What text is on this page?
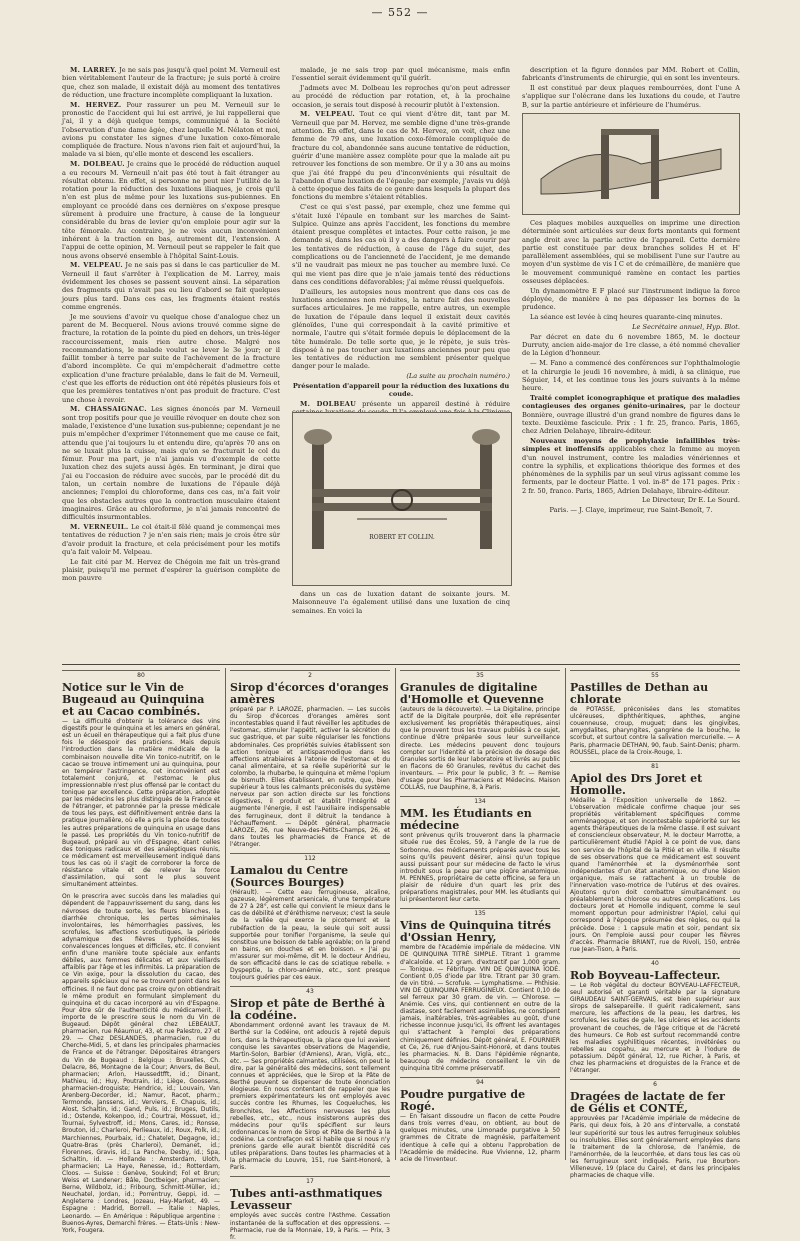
— 552 —

M. LARREY. Je ne sais pas jusqu'à quel point M. Verneuil est bien véritablement l'auteur de la fracture; je suis porté à croire que, chez son malade, il existait déjà au moment des tentatives de réduction, une fracture incomplète compliquant la luxation.

M. HERVEZ. Pour rassurer un peu M. Verneuil sur le pronostic de l'accident qui lui est arrivé, je lui rappellerai que j'ai, il y a déjà quelque temps, communiqué à la Société l'observation d'une dame âgée, chez laquelle M. Nélaton et moi, avions pu constater les signes d'une luxation coxo-fémorale compliquée de fracture. Nous n'avons rien fait et aujourd'hui, la malade va si bien, qu'elle monte et descend les escaliers.

M. DOLBEAU. Je crains que le procédé de réduction auquel a eu recours M. Verneuil n'ait pas été tout à fait étranger au résultat obtenu. En effet, si personne ne peut nier l'utilité de la rotation pour la réduction des luxations iliaques, je crois qu'il n'en est plus de même pour les luxations sus-pubiennes. En employant ce procédé dans ces dernières on s'expose presque sûrement à produire une fracture, à cause de la longueur considérable du bras de levier qu'on emploie pour agir sur la tête fémorale. Au contraire, je ne vois aucun inconvénient inhérent à la traction en bas, autrement dit, l'extension. A l'appui de cette opinion, M. Verneuil peut se rappeler le fait que nous avons observé ensemble à l'hôpital Saint-Louis.

M. VELPEAU. Je ne sais pas si dans le cas particulier de M. Verneuil il faut s'arrêter à l'explication de M. Larrey, mais évidemment les choses se passent souvent ainsi. La séparation des fragments qui n'avait pas eu lieu d'abord se fait quelques jours plus tard. Dans ces cas, les fragments étaient restés comme engrenés.

Je me souviens d'avoir vu quelque chose d'analogue chez un parent de M. Becquerel. Nous avions trouvé comme signe de fracture, la rotation de la pointe du pied en dehors, un très-léger raccourcissement, mais rien autre chose. Malgré nos recommandations, le malade voulut se lever le 3e jour; or il faillit tomber à terre par suite de l'achèvement de la fracture d'abord incomplète. Ce qui m'empêcherait d'admettre cette explication d'une fracture préalable, dans le fait de M. Verneuil, c'est que les efforts de réduction ont été répétés plusieurs fois et que les premières tentatives n'ont pas produit de fracture. C'est une chose à revoir.

M. CHASSAIGNAC. Les signes énoncés par M. Verneuil sont trop positifs pour que je veuille révoquer en doute chez son malade, l'existence d'une luxation sus-pubienne; cependant je ne puis m'empêcher d'exprimer l'étonnement que me cause ce fait, attendu que j'ai toujours lu et entendu dire, qu'après 70 ans on ne se luxait plus la cuisse, mais qu'on se fracturait le col du fémur. Pour ma part, je n'ai jamais vu d'exemple de cette luxation chez des sujets aussi âgés. En terminant, je dirai que j'ai eu l'occasion de réduire avec succès, par le procédé dit du talon, un certain nombre de luxations de l'épaule déjà anciennes; l'emploi du chloroforme, dans ces cas, m'a fait voir que les obstacles autres que la contraction musculaire étaient imaginaires. Grâce au chloroforme, je n'ai jamais rencontré de difficultés insurmontables.

M. VERNEUIL. Le col était-il fêlé quand je commençai mes tentatives de réduction ? je n'en sais rien; mais je crois être sûr d'avoir produit la fracture, et cela précisément pour les motifs qu'a fait valoir M. Velpeau.

Le fait cité par M. Hervez de Chégoin me fait un très-grand plaisir, puisqu'il me permet d'espérer la guérison complète de mon pauvre

malade, je ne sais trop par quel mécanisme, mais enfin l'essentiel serait évidemment qu'il guérît.

J'admets avec M. Dolbeau les reproches qu'on peut adresser au procédé de réduction par rotation, et, à la prochaine occasion, je serais tout disposé à recourir plutôt à l'extension.

M. VELPEAU. Tout ce qui vient d'être dit, tant par M. Verneuil que par M. Hervez, me semble digne d'une très-grande attention. En effet, dans le cas de M. Hervez, on voit, chez une femme de 79 ans, une luxation coxo-fémorale compliquée de fracture du col, abandonnée sans aucune tentative de réduction, guérir d'une manière assez complète pour que la malade ait pu retrouver les fonctions de son membre. Or il y a 30 ans au moins que j'ai été frappé du peu d'inconvénients qui résultait de l'abandon d'une luxation de l'épaule; par exemple, j'avais vu déjà à cette époque des faits de ce genre dans lesquels la plupart des fonctions du membre s'étaient rétablies.

C'est ce qui s'est passé, par exemple, chez une femme qui s'était luxé l'épaule en tombant sur les marches de Saint-Sulpice. Quinze ans après l'accident, les fonctions du membre étaient presque complètes et intactes. Pour cette raison, je me demande si, dans les cas où il y a des dangers à faire courir par les tentatives de réduction, à cause de l'âge du sujet, des complications ou de l'ancienneté de l'accident, je me demande s'il ne vaudrait pas mieux ne pas toucher au membre luxé. Ce qui me vient pas dire que je n'aie jamais tenté des réductions dans ces conditions défavorables; j'ai même réussi quelquefois.

D'ailleurs, les autopsies nous montrent que dans ces cas de luxations anciennes non réduites, la nature fait des nouvelles surfaces articulaires. Je me rappelle, entre autres, un exemple de luxation de l'épaule dans lequel il existait deux cavités glénoïdes, l'une qui correspondait à la cavité primitive et normale, l'autre qui s'était formée depuis le déplacement de la tête humérale. De telle sorte que, je le répète, je suis très-disposé à ne pas toucher aux luxations anciennes pour peu que les tentatives de réduction me semblent présenter quelque danger pour le malade.

(La suite au prochain numéro.)

Présentation d'appareil pour la réduction des luxations du coude.

M. DOLBEAU présente un appareil destiné à réduire

ROBERT ET COLLIN.

dans un cas de luxation datant de soixante jours. M. Maisonneuve l'a également utilisé dans une luxation de cinq semaines. En voici la

description et la figure données par MM. Robert et Collin, fabricants d'instruments de chirurgie, qui en sont les inventeurs.

Il est constitué par deux plaques rembourrées, dont l'une A s'applique sur l'olécrane dans les luxations du coude, et l'autre B, sur la partie antérieure et inférieure de l'humérus.

Ces plaques mobiles auxquelles on imprime une direction déterminée sont articulées sur deux forts montants qui forment angle droit avec la partie active de l'appareil. Cette dernière partie est constituée par deux branches solides H et H' parallèlement assemblées, qui se mobilisent l'une sur l'autre au moyen d'un système de vis I C et de crémaillère, de manière que le mouvement communiqué ramène en contact les parties osseuses déplacées.

Un dynamomètre E F placé sur l'instrument indique la force déployée, de manière à ne pas dépasser les bornes de la prudence.

La séance est levée à cinq heures quarante-cinq minutes.

Le Secrétaire annuel, Hyp. Blot.

Par décret en date du 6 novembre 1865, M. le docteur Durruty, ancien aide-major de 1re classe, a été nommé chevalier de la Légion d'honneur.

— M. Fano a commencé des conférences sur l'ophthalmologie et la chirurgie le jeudi 16 novembre, à midi, à sa clinique, rue Séguier, 14, et les continue tous les jours suivants à la même heure.

Traité complet iconographique et pratique des maladies contagieuses des organes génito-urinaires, par le docteur Bonnière, ouvrage illustré d'un grand nombre de figures dans le texte. Deuxième fascicule. Prix : 1 fr. 25, franco. Paris, 1865, chez Adrien Delahaye, libraire-éditeur.

Nouveaux moyens de prophylaxie infaillibles très-simples et inoffensifs applicables chez la femme au moyen d'un nouvel instrument, contre les maladies vénériennes et contre la syphilis, et explications théorique des formes et des phénomènes de la syphilis par un seul virus agissant comme les ferments, par le docteur Platte. 1 vol. in-8° de 171 pages. Prix : 2 fr. 50, franco. Paris, 1865, Adrien Delahaye, libraire-éditeur.

Le Directeur, Dr E. Le Sourd.

Paris. — J. Claye, imprimeur, rue Saint-Benoît, 7.

80
Notice sur le Vin de Bugeaud au Quinquina et au Cacao combinés.
— La difficulté d'obtenir la tolérance des vins digestifs pour le quinquina et les amers en général, est un écueil en thérapeutique qui a fait plus d'une fois le désespoir des praticiens. Mais depuis l'introduction dans la matière médicale de la combinaison nouvelle dite Vin tonico-nutritif, on le cacao se trouve intimement uni au quinquina, pour en tempérer l'astringence, cet inconvénient est totalement conjuré, et l'estomac le plus impressionnable n'est plus offensé par le contact du tonique par excellence. Cette préparation, adoptée par les médecins les plus distingués de la France et de l'étranger, et patronnée par la presse médicale de tous les pays, est définitivement entrée dans la pratique journalière, où elle a pris la place de toutes les autres préparations de quinquina en usage dans le passé. Les propriétés du Vin tonico-nutritif de Bugeaud, préparé au vin d'Espagne, étant celles des toniques radicaux et des analeptiques réunis, ce médicament est merveilleusement indiqué dans tous les cas où il s'agit de corroborer la force de résistance vitale et de relever la force d'assimilation, qui sont le plus souvent simultanément atteintes.
On le prescrira avec succès dans les maladies qui dépendent de l'appauvrissement du sang, dans les névroses de toute sorte, les fleurs blanches, la diarrhée chronique, les pertes séminales involontaires, les hémorrhagies passives, les scrofules, les affections scorbutiques, la période adynamique des fièvres typhoïdes, les convalescences longues et difficiles, etc. Il convient enfin d'une manière toute spéciale aux enfants débiles, aux femmes délicates et aux vieillards affaiblis par l'âge et les infirmités. La préparation de ce Vin exige, pour la dissolution du cacao, des appareils spéciaux qui ne se trouvent point dans les officines. Il ne faut donc pas croire qu'on obtiendrait le même produit en formulant simplement du quinquina et du cacao incorporé au vin d'Espagne. Pour être sûr de l'authenticité du médicament, il importe de le prescrire sous le nom du Vin de Bugeaud. Dépôt général chez LEBEAULT, pharmacien, rue Réaumur, 43, et rue Palestro, 27 et 29. — Chez DESLANDES, pharmacien, rue du Cherche-Midi, 5, et dans les principales pharmacies de France et de l'étranger. Dépositaires étrangers du Vin de Bugeaud : Belgique : Bruxelles, Ch. Delacre, 86, Montagne de la Cour; Anvers, de Beul, pharmacien; Arlon, Haussedtfft, id.; Dinant, Mathieu, id.; Huy, Poutrain, id.; Liège, Goossens, pharmacien-droguiste; Hendrice, id.; Louvain, Van Arenberg-Decorder, id.; Namur, Racot, pharm.; Termonde, Janssens, id.; Verviers, E. Chapuis, id.; Alost, Schaltin, id.; Gand, Puls, id.; Bruges, Dutils, id.; Ostende, Kokenpoo, id.; Courtrai, Mossuet, id.; Tournai, Sylvestroff, id.; Mons, Cares, id.; Ronsse, Brouton, id.; Charleroi, Perlieaux, id.; Roux, Polk, id.; Marchiennes, Pourbaix, id.; Chatelet, Degagne, id.; Quatre-Bras (près Charleroi), Demanet, id.; Florennes, Gravis, id.; La Panche, Desby, id.; Spa, Schaltin, id. — Hollande : Amsterdam, Uloth, pharmacien; La Haye, Renesse, id.; Rotterdam, Cloos. — Suisse : Genève, Soukind; Fol et Brun; Weiss et Landener; Bâle, Doctbeiger, pharmacien; Berne, Wildbolz, id.; Fribourg, Schmitt-Müller, id.; Neuchatel, Jordan, id.; Porrentruy, Geppi, id. — Angleterre : Londres, Jozeau, Hay-Market, 49. — Espagne : Madrid, Borrell. — Italie : Naples, Leonardo. — En Amérique : République argentine : Buenos-Ayres, Demarchi frères. — États-Unis : New-York, Fougera.
2
Sirop d'écorces d'oranges amères
préparé par P. LAROZE, pharmacien. — Les succès du Sirop d'écorces d'oranges amères sont incontestables quand il faut réveiller les aptitudes de l'estomac, stimuler l'appétit, activer la sécrétion du suc gastrique, et par suite régulariser les fonctions abdominales. Ces propriétés suivies établissent son action tonique et antispasmodique dans les affections atrabiaires à l'atonie de l'estomac et du canal alimentaire, et sa réelle supériorité sur le colombo, la rhubarbe, le quinquina et même l'opium de bismuth. Elles établissent, en outre, que, bien supérieur à tous les calmants préconisés du système nerveux par son action directe sur les fonctions digestives, il produit et établit l'intégrité et augmente l'énergie, il est l'auxiliaire indispensable des ferrugineux, dont il détruit la tendance à l'échauffement. — Dépôt général, pharmacie LAROZE, 26, rue Neuve-des-Petits-Champs, 26, et dans toutes les pharmacies de France et de l'étranger.
112
Lamalou du Centre (Sources Bourges)
(Hérault). — Cette eau ferrugineuse, alcaline, gazeuse, légèrement arsenicale, d'une température de 27 à 28°, est celle qui convient le mieux dans le cas de débilité et d'éréthisme nerveux; c'est la seule de la vallée qui exerce le picotement et la rubéfaction de la peau, la seule qui soit aussi supportée pour tonifier l'organisme, la seule qui constitue une boisson de table agréable; on la prend en bains, en douches et en boisson. « J'ai pu m'assurer sur moi-même, dit M. le docteur Andrieu, de son efficacité dans le cas de sciatique rebelle. » Dyspeptie, la chloro-anémie, etc., sont presque toujours guéries par ces eaux.
43
Sirop et pâte de Berthé à la codéine.
Abondamment ordonné avant les travaux de M. Berthé sur la Codéine, ont adoucis à rejeté depuis lors, dans la thérapeutique, la place que lui avaient conquise les savantes observations de Magendie, Martin-Solon, Barbier (d'Amiens), Aran, Vigla, etc., etc. — Ses propriétés calmantes, utilisées, on peut le dire, par la généralité des médecins, sont tellement connues et appréciées, que le Sirop et la Pâte de Berthé peuvent se dispenser de toute énonciation élogieuse. En nous contentant de rappeler que les premiers expérimentateurs les ont employés avec succès contre les Rhumes, les Coqueluches, les Bronchites, les Affections nerveuses les plus rebelles, etc., etc., nous insisterons auprès des médecins pour qu'ils spécifient sur leurs ordonnances le nom de Sirop et Pâte de Berthé à la codéine. La contrefaçon est si habile que si nous n'y prenions garde elle aurait bientôt discrédité ces utiles préparations. Dans toutes les pharmacies et à la pharmacie du Louvre, 151, rue Saint-Honoré, à Paris.
17
Tubes anti-asthmatiques Levasseur
employés avec succès contre l'Asthme. Cessation instantanée de la suffocation et des oppressions. — Pharmacie, rue de la Monnaie, 19, à Paris. — Prix, 3 fr.
35
Granules de digitaline d'Homolle et Quevenne
(auteurs de la découverte). — La Digitaline, principe actif de la Digitale pourprée, doit elle représenter exclusivement les propriétés thérapeutiques, ainsi que le prouvent tous les travaux publiés à ce sujet, continue d'être préparée sous leur surveillance directe. Les médecins peuvent donc toujours compter sur l'identité et la précision de dosage des Granules sortis de leur laboratoire et livrés au public en flacons de 60 Granules, revêtus du cachet des inventeurs. — Prix pour le public, 3 fr. — Remise d'usage pour les Pharmaciens et Médecins. Maison COLLAS, rue Dauphine, 8, à Paris.
134
MM. les Étudiants en médecine
sont prévenus qu'ils trouveront dans la pharmacie située rue des Écoles, 59, à l'angle de la rue de Sorbonne, des médicaments préparés avec tous les soins qu'ils peuvent désirer, ainsi qu'un topique aussi puissant pour sur médecine de facto le virus introduit sous la peau par une piqûre anatomique. M. PENNES, propriétaire de cette officine, se fera un plaisir de réduire d'un quart les prix des préparations magistrales, pour MM. les étudiants qui lui présenteront leur carte.
135
Vins de Quinquina titrés d'Ossian Henry,
membre de l'Académie impériale de médecine. VIN DE QUINQUINA TITRÉ SIMPLE. Titrant 1 gramme d'alcaloïde. et 12 gram. d'extractif par 1,000 gram. — Tonique. — Fébrifuge. VIN DE QUINQUINA IODÉ. Contient 0,05 d'iode par litre. Titrant par 30 gram. de vin titré. — Scrofule. — Lymphatisme. — Phthisie. VIN DE QUINQUINA FERRUGINEUX. Contient 0,10 de sel ferreux par 30 gram. de vin. — Chlorose. — Anémie. Ces vins, qui contiennent en outre de la diastase, sont facilement assimilables, ne constipent jamais, inaltérables, très-agréables au goût, d'une richesse inconnue jusqu'ici, ils offrent les avantages qui s'attachent à l'emploi des préparations chimiquement définies. Dépôt général, E. FOURNIER et Ce, 26, rue d'Anjou-Saint-Honoré, et dans toutes les pharmacies. N. B. Dans l'épidémie régnante, beaucoup de médecins conseillent le vin de quinquina titré comme préservatif.
94
Poudre purgative de Rogé.
— En faisant dissoudre un flacon de cette Poudre dans trois verres d'eau, on obtient, au bout de quelques minutes, une Limonade purgative à 50 grammes de Citrate de magnésie, parfaitement identique à celle qui a obtenu l'approbation de l'Académie de médecine. Rue Vivienne, 12, pharm acie de l'inventeur.
55
Pastilles de Dethan au chlorate
de POTASSE, préconisées dans les stomatites ulcéreuses, diphthéritiques, aphthes, angine couenneuse, croup, muguet; dans les gingivites, amygdalites, pharyngites, gangrène de la bouche, le scorbut, et surtout contre la salivation mercurielle. — A Paris, pharmacie DETHAN, 90, faub. Saint-Denis; pharm. ROUSSEL, place de la Croix-Rouge, 1.
81
Apiol des Drs Joret et Homolle.
Médaille à l'Exposition universelle de 1862. — L'observation médicale confirme chaque jour ses propriétés véritablement spécifiques comme emménagogue, et son incontestable supériorité sur les agents thérapeutiques de la même classe. Il est suivant et consciencieux observateur, M. le docteur Marrotte, a particulièrement étudié l'Apiol à ce point de vue, dans son service de l'hôpital de la Pitié et en ville. Il résulte de ses observations que ce médicament est souvent quand l'aménorrhée et la dysménorrhée sont indépendantes d'un état anatomique, ou d'une lésion organique, mais se rattachent à un trouble de l'innervation vaso-motrice de l'utérus et des ovaires. Ajoutons qu'on doit combattre simultanément ou préalablement la chlorose ou autres complications. Les docteurs Joret et Homolle indiquent, comme le seul moment opportun pour administrer l'Apiol, celui qui correspond à l'époque présumée des règles, ou qui la précède. Dose : 1 capsule matin et soir, pendant six jours. On l'emploie aussi pour couper les fièvres d'accès. Pharmacie BRIANT, rue de Rivoli, 150, entrée rue Jean-Tison, à Paris.
40
Rob Boyveau-Laffecteur.
— Le Rob végétal du docteur BOYVEAU-LAFFECTEUR, seul autorisé et garanti véritable par la signature GIRAUDEAU SAINT-GERVAIS, est bien supérieur aux sirops de salsepareille. Il guérit radicalement, sans mercure, les affections de la peau, les dartres, les scrofules, les suites de gale, les ulcères et les accidents provenant de couches, de l'âge critique et de l'âcreté des humeurs. Ce Rob est surtout recommandé contre les maladies syphilitiques récentes, invétérées ou rebelles au copahu, au mercure et à l'iodure de potassium. Dépôt général, 12, rue Richer, à Paris, et chez les pharmaciens et droguistes de la France et de l'étranger.
6
Dragées de lactate de fer de Gélis et CONTÉ,
approuvées par l'Académie impériale de médecine de Paris, qui deux fois, à 20 ans d'intervalle, a constaté leur supériorité sur tous les autres ferrugineux solubles ou insolubles. Elles sont généralement employées dans le traitement de la chlorose, de l'anémie, de l'aménorrhée, de la leucorrhée, et dans tous les cas où les ferrugineux sont indiqués. Paris, rue Bourbon-Villeneuve, 19 (place du Caire), et dans les principales pharmacies de chaque ville.
